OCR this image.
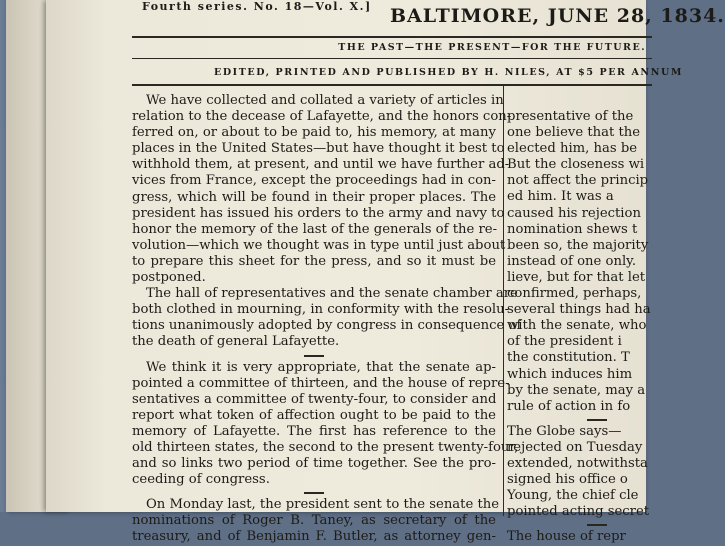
Fourth series. No. 18—Vol. X.] BALTIMORE, JUNE 28, 1834.
THE PAST—THE PRESENT—FOR THE FUTURE.
EDITED, PRINTED AND PUBLISHED BY H. NILES, AT $5 PER ANNUM
We have collected and collated a variety of articles in
relation to the decease of Lafayette, and the honors con-
ferred on, or about to be paid to, his memory, at many
places in the United States—but have thought it best to
withhold them, at present, and until we have further ad-
vices from France, except the proceedings had in con-
gress, which will be found in their proper places. The
president has issued his orders to the army and navy to
honor the memory of the last of the generals of the re-
volution—which we thought was in type until just about
to prepare this sheet for the press, and so it must be
postponed.
The hall of representatives and the senate chamber are
both clothed in mourning, in conformity with the resolu-
tions unanimously adopted by congress in consequence of
the death of general Lafayette.
We think it is very appropriate, that the senate ap-
pointed a committee of thirteen, and the house of repre-
sentatives a committee of twenty-four, to consider and
report what token of affection ought to be paid to the
memory of Lafayette. The first has reference to the
old thirteen states, the second to the present twenty-four,
and so links two period of time together. See the pro-
ceeding of congress.
On Monday last, the president sent to the senate the
nominations of Roger B. Taney, as secretary of the
treasury, and of Benjamin F. Butler, as attorney gen-
presentative of the
one believe that the
elected him, has be
But the closeness wi
not affect the princip
ed him. It was a
caused his rejection
nomination shews t
been so, the majority
instead of one only.
lieve, but for that let
confirmed, perhaps,
several things had ha
with the senate, who
of the president i
the constitution. T
which induces him
by the senate, may a
rule of action in fo
The Globe says—
rejected on Tuesday
extended, notwithsta
signed his office o
Young, the chief cle
pointed acting secret
The house of repr
